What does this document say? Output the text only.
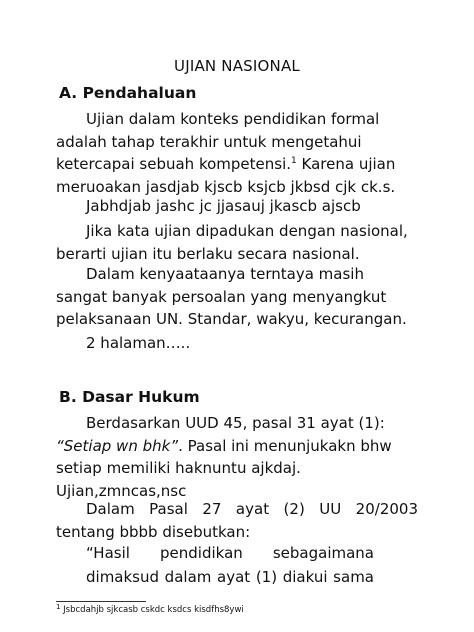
UJIAN NASIONAL
A. Pendahaluan

Ujian dalam konteks pendidikan formal adalah tahap terakhir untuk mengetahui ketercapai sebuah kompetensi.$^1$ Karena ujian meruoakan jasdjab kjscb ksjcb jkbsd cjk ck.s.

Jabhdjab jashc jc jjasauj jkascb ajscb

Jika kata ujian dipadukan dengan nasional, berarti ujian itu berlaku secara nasional.

Dalam kenyaataanya terntaya masih sangat banyak persoalan yang menyangkut pelaksanaan UN. Standar, wakyu, kecurangan.

2 halaman…..

B. Dasar Hukum

Berdasarkan UUD 45, pasal 31 ayat (1):
“Setiap wn bhk”. Pasal ini menunjukakn bhw setiap memiliki haknuntu ajkdaj. Ujian,zmncas,nsc

Dalam Pasal 27 ayat (2) UU 20/2003 tentang bbbb disebutkan:

“Hasil pendidikan sebagaimana
dimaksud dalam ayat (1) diakui sama

$^1$ Jsbcdahjb sjkcasb cskdc ksdcs kisdfhs8ywi
